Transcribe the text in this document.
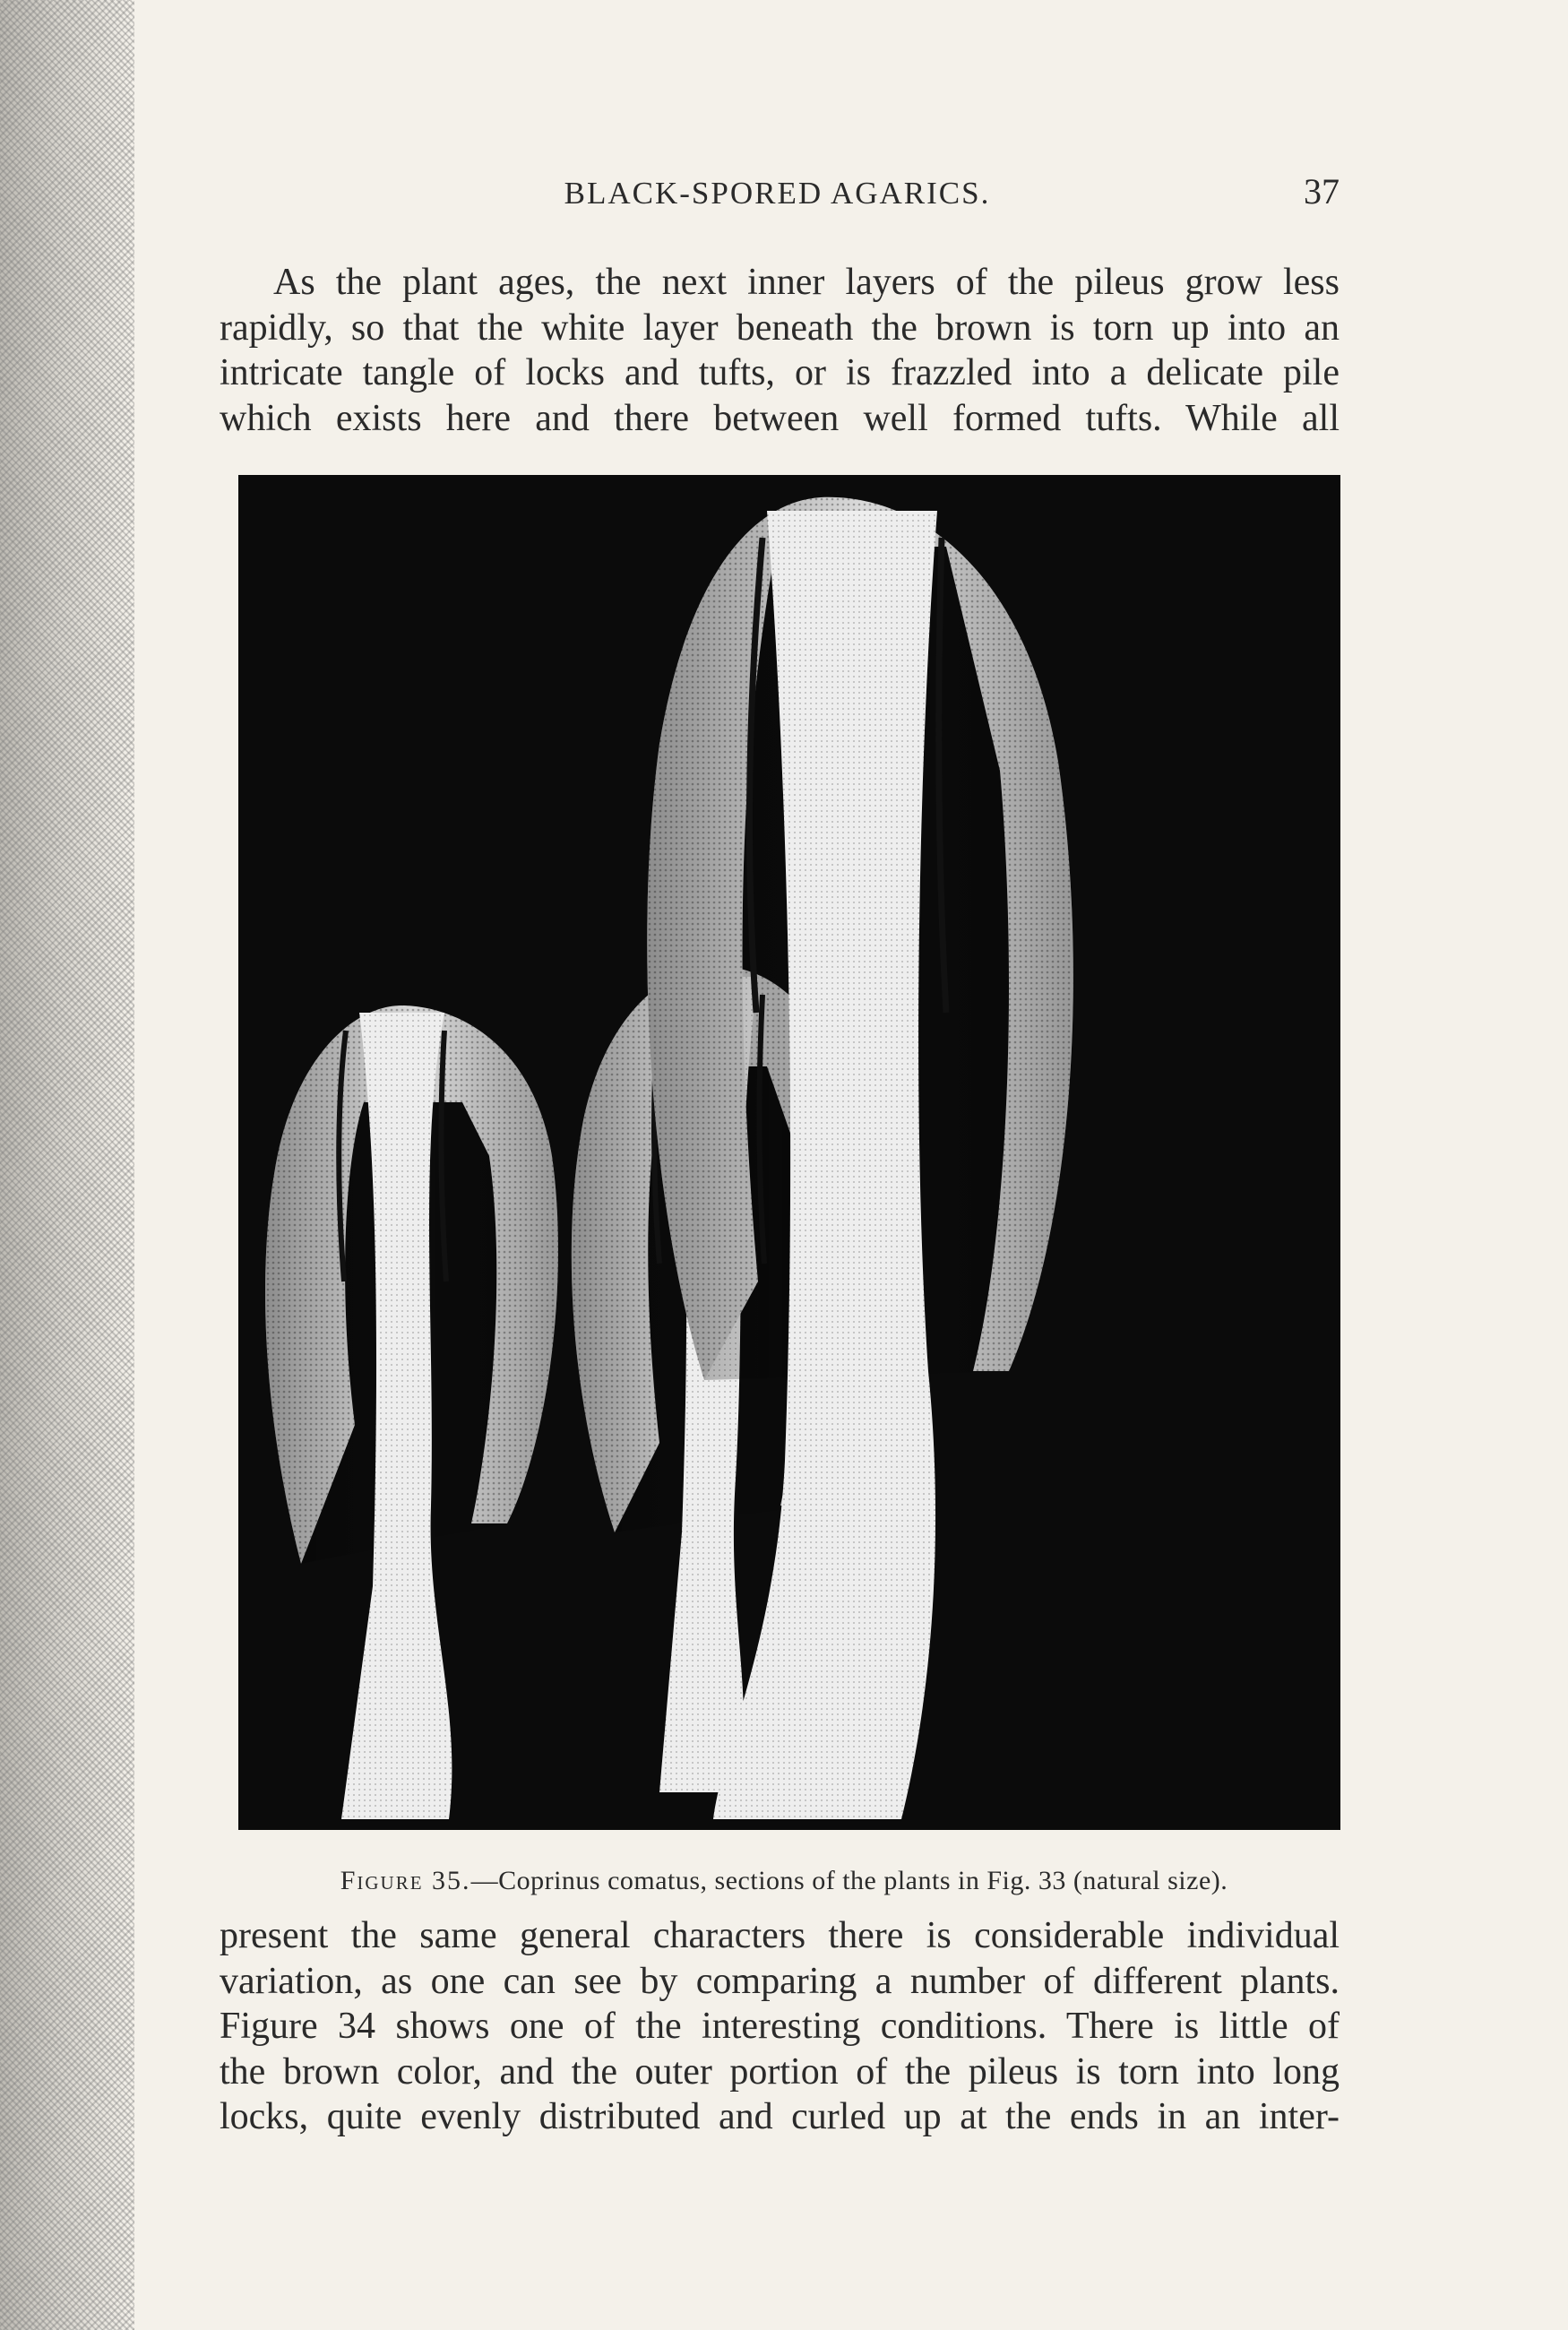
BLACK-SPORED AGARICS.	37
As the plant ages, the next inner layers of the pileus grow less
rapidly, so that the white layer beneath the brown is torn up into an
intricate tangle of locks and tufts, or is frazzled into a delicate pile
which exists here and there between well formed tufts. While all
Figure 35.—Coprinus comatus, sections of the plants in Fig. 33 (natural size).
present the same general characters there is considerable individual
variation, as one can see by comparing a number of different plants.
Figure 34 shows one of the interesting conditions. There is little of
the brown color, and the outer portion of the pileus is torn into long
locks, quite evenly distributed and curled up at the ends in an inter-
